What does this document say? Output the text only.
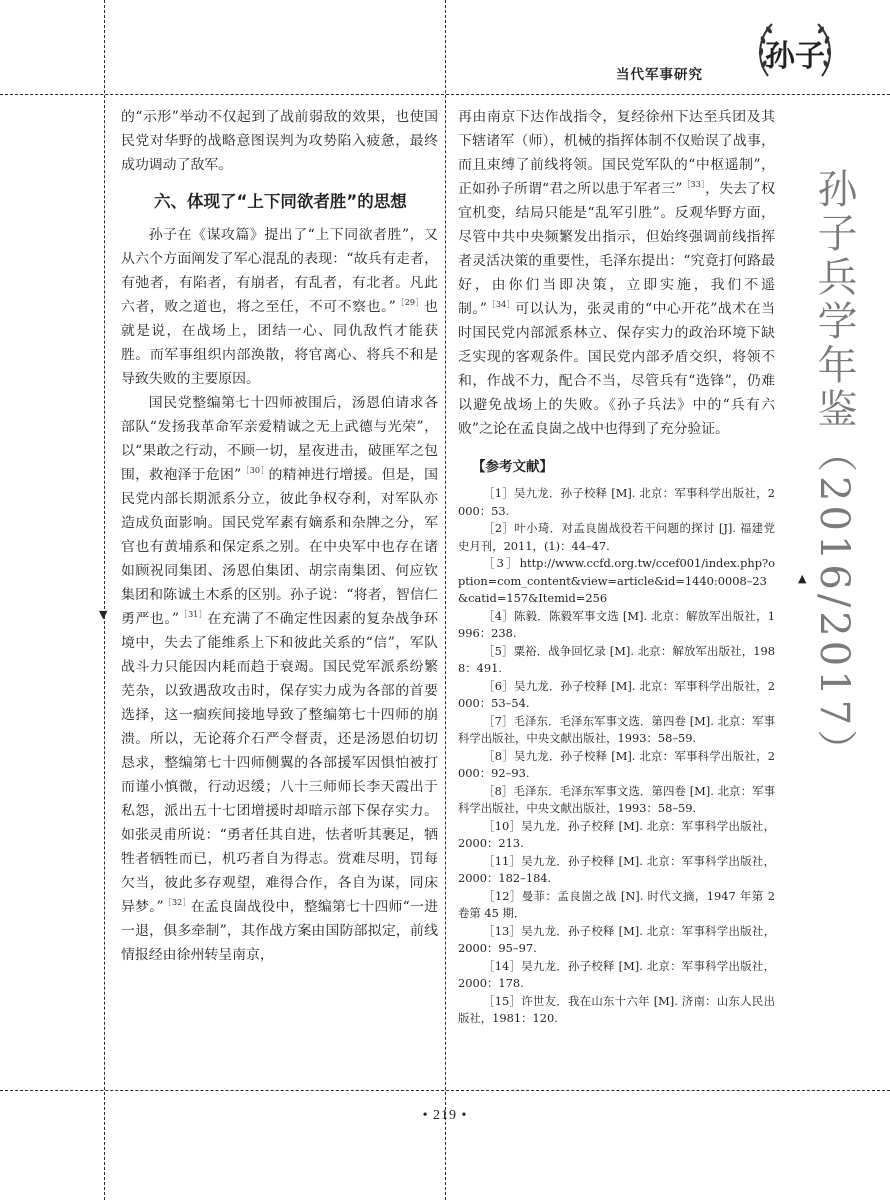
▼
▲
当代军事研究
孙子

的“示形”举动不仅起到了战前弱敌的效果，也使国民党对华野的战略意图误判为攻势陷入疲惫，最终成功调动了敌军。

六、体现了“上下同欲者胜”的思想

孙子在《谋攻篇》提出了“上下同欲者胜”，又从六个方面阐发了军心混乱的表现：“故兵有走者，有弛者，有陷者，有崩者，有乱者，有北者。凡此六者，败之道也，将之至任，不可不察也。”$^{[29]}$也就是说，在战场上，团结一心、同仇敌忾才能获胜。而军事组织内部涣散，将官离心、将兵不和是导致失败的主要原因。

国民党整编第七十四师被围后，汤恩伯请求各部队“发扬我革命军亲爱精诚之无上武德与光荣”，以“果敢之行动，不顾一切，星夜进击，破匪军之包围，救袍泽于危困”$^{[30]}$的精神进行增援。但是，国民党内部长期派系分立，彼此争权夺利，对军队亦造成负面影响。国民党军素有嫡系和杂牌之分，军官也有黄埔系和保定系之别。在中央军中也存在诸如顾祝同集团、汤恩伯集团、胡宗南集团、何应钦集团和陈诚土木系的区别。孙子说：“将者，智信仁勇严也。”$^{[31]}$在充满了不确定性因素的复杂战争环境中，失去了能维系上下和彼此关系的“信”，军队战斗力只能因内耗而趋于衰竭。国民党军派系纷繁芜杂，以致遇敌攻击时，保存实力成为各部的首要选择，这一痼疾间接地导致了整编第七十四师的崩溃。所以，无论蒋介石严令督责，还是汤恩伯切切恳求，整编第七十四师侧翼的各部援军因惧怕被打而谨小慎微，行动迟缓；八十三师师长李天霞出于私怨，派出五十七团增援时却暗示部下保存实力。如张灵甫所说：“勇者任其自进，怯者听其裹足，牺牲者牺牲而已，机巧者自为得志。赏难尽明，罚每欠当，彼此多存观望，难得合作，各自为谋，同床异梦。”$^{[32]}$在孟良崮战役中，整编第七十四师“一进一退，俱多牵制”，其作战方案由国防部拟定，前线情报经由徐州转呈南京，

再由南京下达作战指令，复经徐州下达至兵团及其下辖诸军（师），机械的指挥体制不仅贻误了战事，而且束缚了前线将领。国民党军队的“中枢遥制”，正如孙子所谓“君之所以患于军者三”$^{[33]}$，失去了权宜机变，结局只能是“乱军引胜”。反观华野方面，尽管中共中央频繁发出指示，但始终强调前线指挥者灵活决策的重要性，毛泽东提出：“究竟打何路最好，由你们当即决策，立即实施，我们不遥制。”$^{[34]}$可以认为，张灵甫的“中心开花”战术在当时国民党内部派系林立、保存实力的政治环境下缺乏实现的客观条件。国民党内部矛盾交织，将领不和，作战不力，配合不当，尽管兵有“选锋”，仍难以避免战场上的失败。《孙子兵法》中的“兵有六败”之论在孟良崮之战中也得到了充分验证。

【参考文献】

［1］吴九龙．孙子校释 [M]. 北京：军事科学出版社，2000：53.

［2］叶小琦．对孟良崮战役若干问题的探讨 [J]. 福建党史月刊，2011，(1)：44–47.

［3］http://www.ccfd.org.tw/ccef001/index.php?option=com_content&view=article&id=1440:0008–23&catid=157&Itemid=256

［4］陈毅．陈毅军事文选 [M]. 北京：解放军出版社，1996：238.

［5］粟裕．战争回忆录 [M]. 北京：解放军出版社，1988：491.

［6］吴九龙．孙子校释 [M]. 北京：军事科学出版社，2000：53–54.

［7］毛泽东．毛泽东军事文选．第四卷 [M]. 北京：军事科学出版社，中央文献出版社，1993：58–59.

［8］吴九龙．孙子校释 [M]. 北京：军事科学出版社，2000：92–93.

［8］毛泽东．毛泽东军事文选．第四卷 [M]. 北京：军事科学出版社，中央文献出版社，1993：58–59.

［10］吴九龙．孙子校释 [M]. 北京：军事科学出版社，2000：213.

［11］吴九龙．孙子校释 [M]. 北京：军事科学出版社，2000：182–184.

［12］曼菲：孟良崮之战 [N]. 时代文摘，1947 年第 2 卷第 45 期．

［13］吴九龙．孙子校释 [M]. 北京：军事科学出版社，2000：95–97.

［14］吴九龙．孙子校释 [M]. 北京：军事科学出版社，2000：178.

［15］许世友．我在山东十六年 [M]. 济南：山东人民出版社，1981：120.

孙子兵学年鉴（2016/2017）
• 219 •
